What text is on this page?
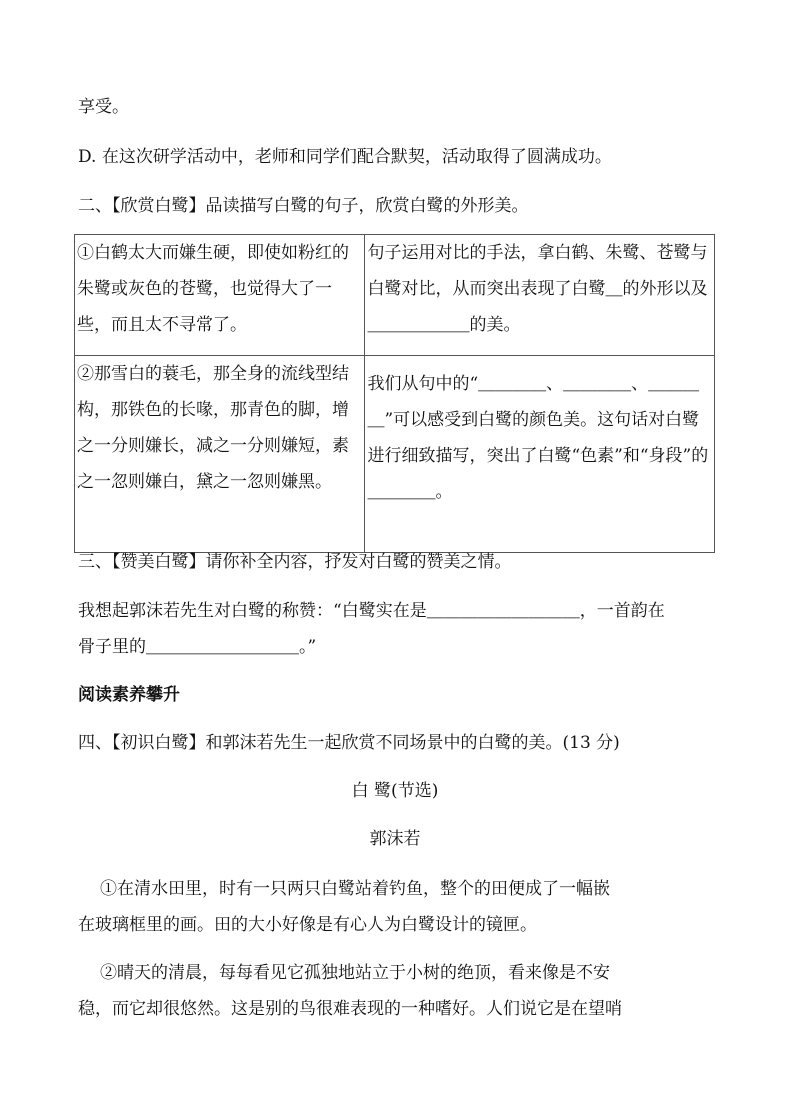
享受。
D. 在这次研学活动中，老师和同学们配合默契，活动取得了圆满成功。
二、【欣赏白鹭】品读描写白鹭的句子，欣赏白鹭的外形美。
①白鹤太大而嫌生硬，即使如粉红的朱鹭或灰色的苍鹭，也觉得大了一些，而且太不寻常了。	句子运用对比的手法，拿白鹤、朱鹭、苍鹭与白鹭对比，从而突出表现了白鹭＿的外形以及＿＿＿＿＿＿的美。
②那雪白的蓑毛，那全身的流线型结构，那铁色的长喙，那青色的脚，增之一分则嫌长，减之一分则嫌短，素之一忽则嫌白，黛之一忽则嫌黑。	我们从句中的“＿＿＿＿、＿＿＿＿、＿＿＿＿”可以感受到白鹭的颜色美。这句话对白鹭进行细致描写，突出了白鹭“色素”和“身段”的＿＿＿＿。
三、【赞美白鹭】请你补全内容，抒发对白鹭的赞美之情。
我想起郭沫若先生对白鹭的称赞：“白鹭实在是＿＿＿＿＿＿＿＿＿，一首韵在
骨子里的＿＿＿＿＿＿＿＿＿。”
阅读素养攀升
四、【初识白鹭】和郭沫若先生一起欣赏不同场景中的白鹭的美。(13 分)
白 鹭(节选)
郭沫若
①在清水田里，时有一只两只白鹭站着钓鱼，整个的田便成了一幅嵌
在玻璃框里的画。田的大小好像是有心人为白鹭设计的镜匣。
②晴天的清晨，每每看见它孤独地站立于小树的绝顶，看来像是不安
稳，而它却很悠然。这是别的鸟很难表现的一种嗜好。人们说它是在望哨
